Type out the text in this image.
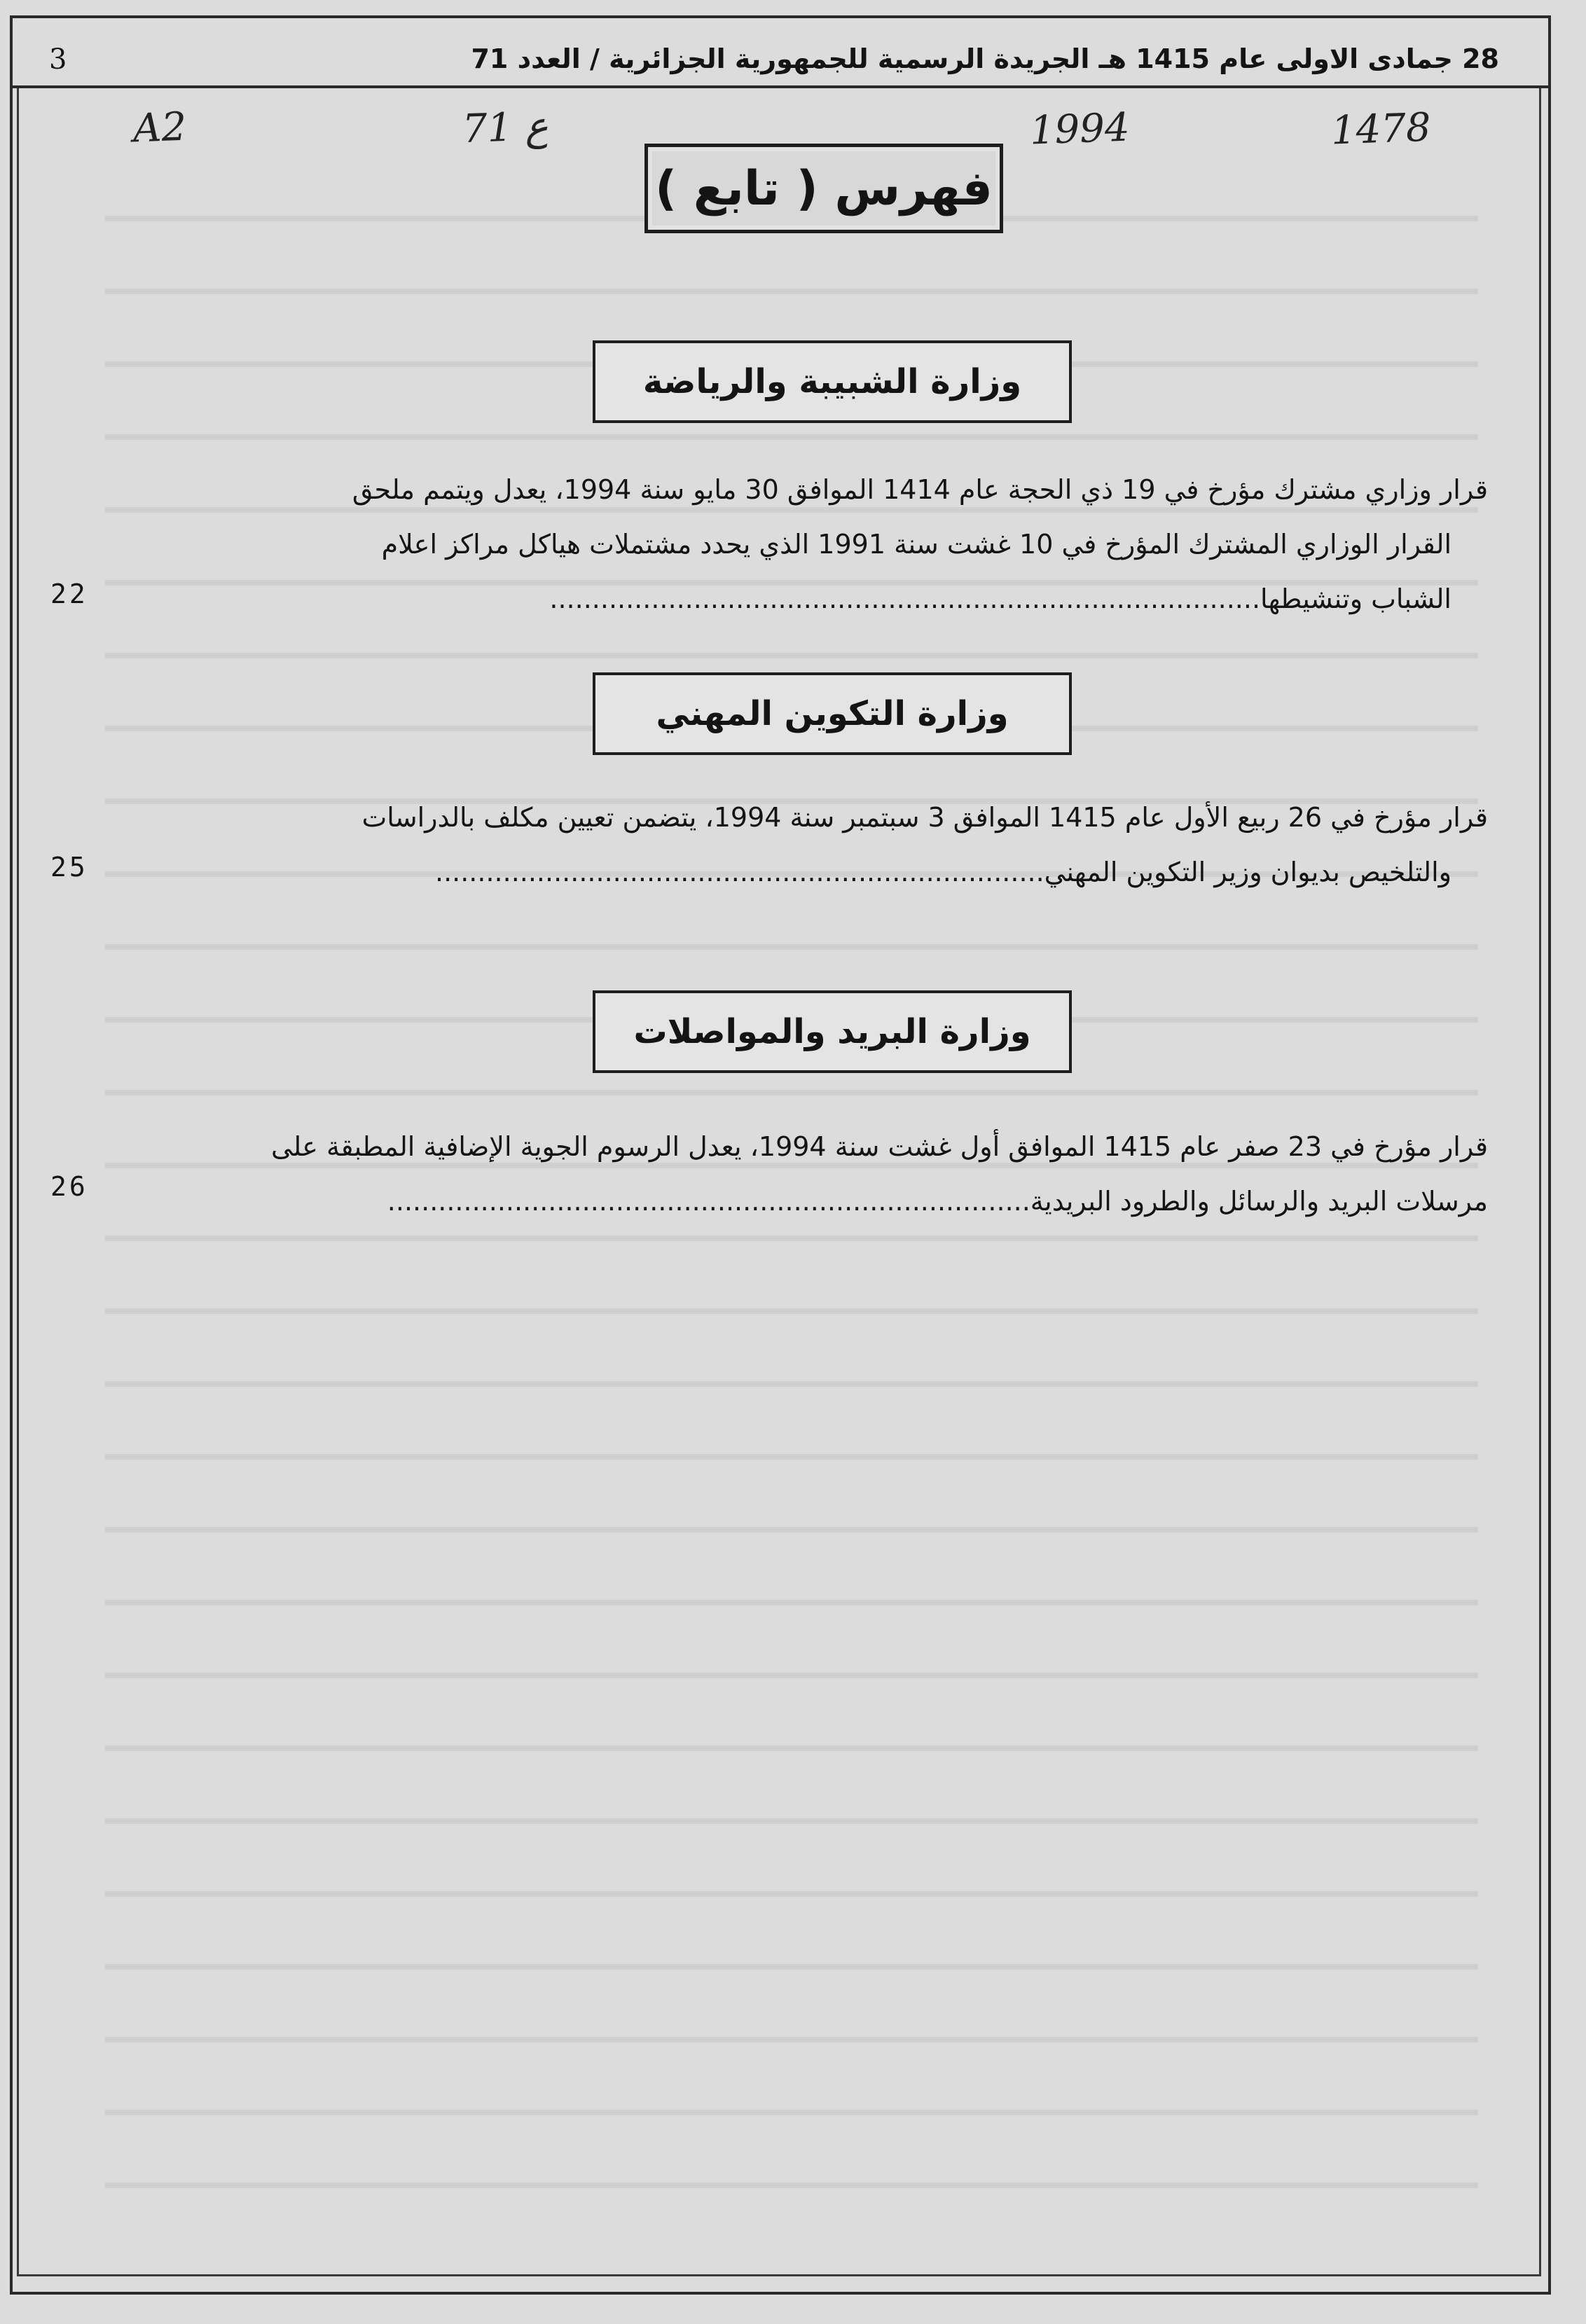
28 جمادى الاولى عام 1415 هـ الجريدة الرسمية للجمهورية الجزائرية / العدد 71
3
A2	ع 71	1994	1478
فهرس ( تابع )
وزارة الشبيبة والرياضة
قرار وزاري مشترك مؤرخ في 19 ذي الحجة عام 1414 الموافق 30 مايو سنة 1994، يعدل ويتمم ملحق
القرار الوزاري المشترك المؤرخ في 10 غشت سنة 1991 الذي يحدد مشتملات هياكل مراكز اعلام
الشباب وتنشيطها....................................................................................
22
وزارة التكوين المهني
قرار مؤرخ في 26 ربيع الأول عام 1415 الموافق 3 سبتمبر سنة 1994، يتضمن تعيين مكلف بالدراسات
والتلخيص بديوان وزير التكوين المهني........................................................................
25
وزارة البريد والمواصلات
قرار مؤرخ في 23 صفر عام 1415 الموافق أول غشت سنة 1994، يعدل الرسوم الجوية الإضافية المطبقة على
مرسلات البريد والرسائل والطرود البريدية............................................................................
26
